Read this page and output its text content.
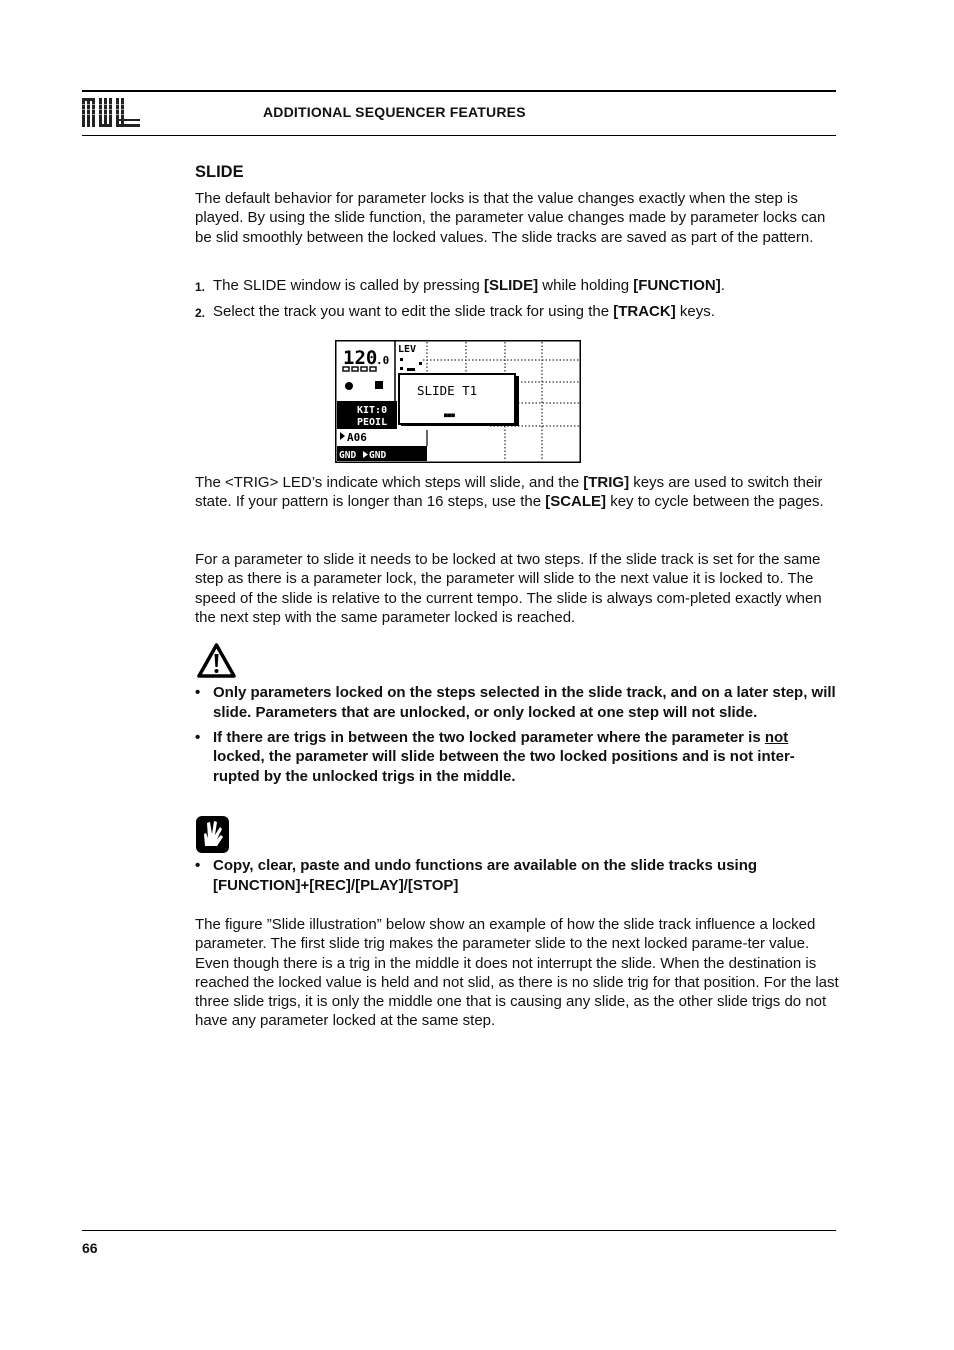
ADDITIONAL SEQUENCER FEATURES
SLIDE
The default behavior for parameter locks is that the value changes exactly when the step is played. By using the slide function, the parameter value changes made by parameter locks can be slid smoothly between the locked values. The slide tracks are saved as part of the pattern.
1. The SLIDE window is called by pressing [SLIDE] while holding [FUNCTION].
2. Select the track you want to edit the slide track for using the [TRACK] keys.
120
.0
KIT:0
PEOIL
A06
GND GND
LEV
SLIDE T1
■■■
The <TRIG> LED’s indicate which steps will slide, and the [TRIG] keys are used to switch their state. If your pattern is longer than 16 steps, use the [SCALE] key to cycle between the pages.
For a parameter to slide it needs to be locked at two steps. If the slide track is set for the same step as there is a parameter lock, the parameter will slide to the next value it is locked to. The speed of the slide is relative to the current tempo. The slide is always com-pleted exactly when the next step with the same parameter locked is reached.
• Only parameters locked on the steps selected in the slide track, and on a later step, will slide. Parameters that are unlocked, or only locked at one step will not slide.
• If there are trigs in between the two locked parameter where the parameter is not locked, the parameter will slide between the two locked positions and is not inter-rupted by the unlocked trigs in the middle.
• Copy, clear, paste and undo functions are available on the slide tracks using [FUNCTION]+[REC]/[PLAY]/[STOP]
The figure ”Slide illustration” below show an example of how the slide track influence a locked parameter. The first slide trig makes the parameter slide to the next locked parame-ter value. Even though there is a trig in the middle it does not interrupt the slide. When the destination is reached the locked value is held and not slid, as there is no slide trig for that position. For the last three slide trigs, it is only the middle one that is causing any slide, as the other slide trigs do not have any parameter locked at the same step.
66
